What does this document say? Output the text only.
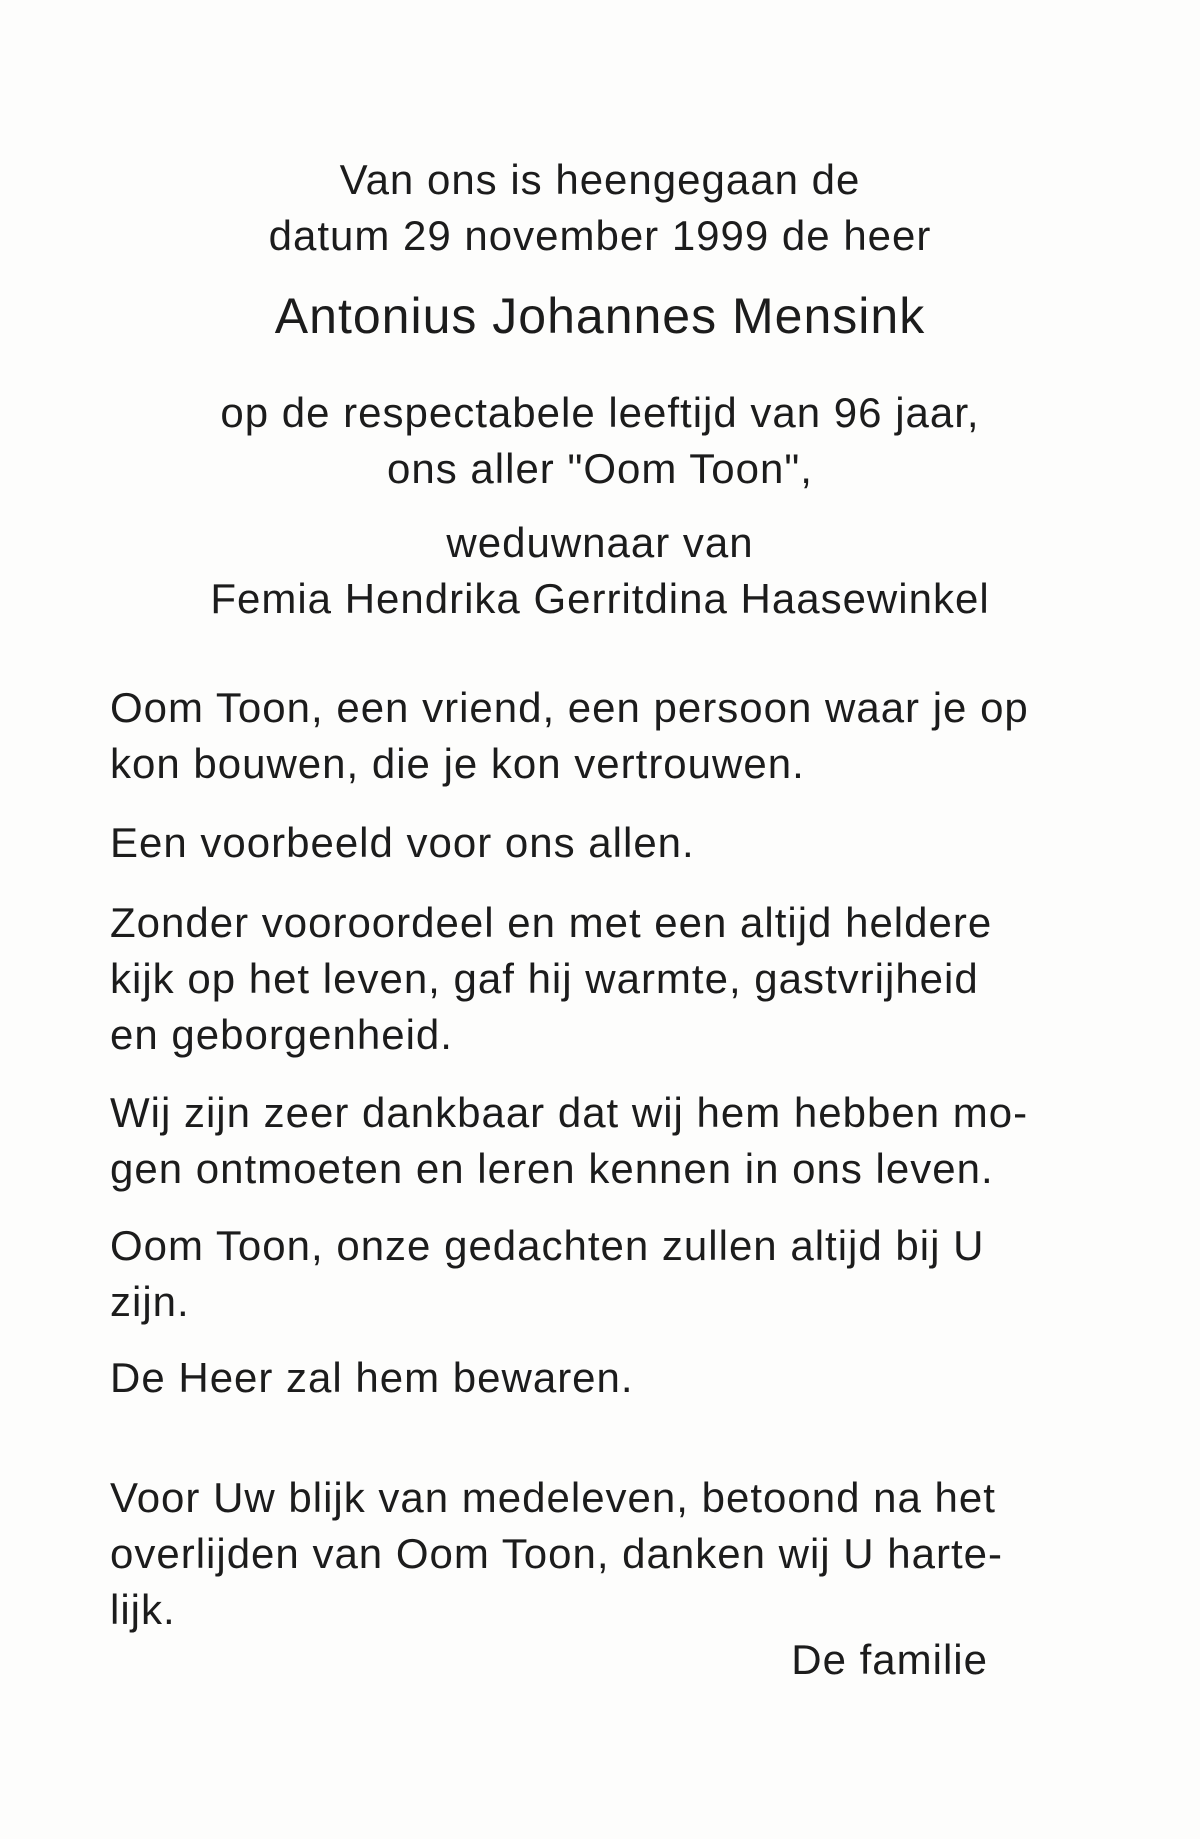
Van ons is heengegaan de
datum 29 november 1999 de heer
Antonius Johannes Mensink
op de respectabele leeftijd van 96 jaar,
ons aller "Oom Toon",
weduwnaar van
Femia Hendrika Gerritdina Haasewinkel
Oom Toon, een vriend, een persoon waar je op
kon bouwen, die je kon vertrouwen.
Een voorbeeld voor ons allen.
Zonder vooroordeel en met een altijd heldere
kijk op het leven, gaf hij warmte, gastvrijheid
en geborgenheid.
Wij zijn zeer dankbaar dat wij hem hebben mo-
gen ontmoeten en leren kennen in ons leven.
Oom Toon, onze gedachten zullen altijd bij U
zijn.
De Heer zal hem bewaren.
Voor Uw blijk van medeleven, betoond na het
overlijden van Oom Toon, danken wij U harte-
lijk.
De familie
